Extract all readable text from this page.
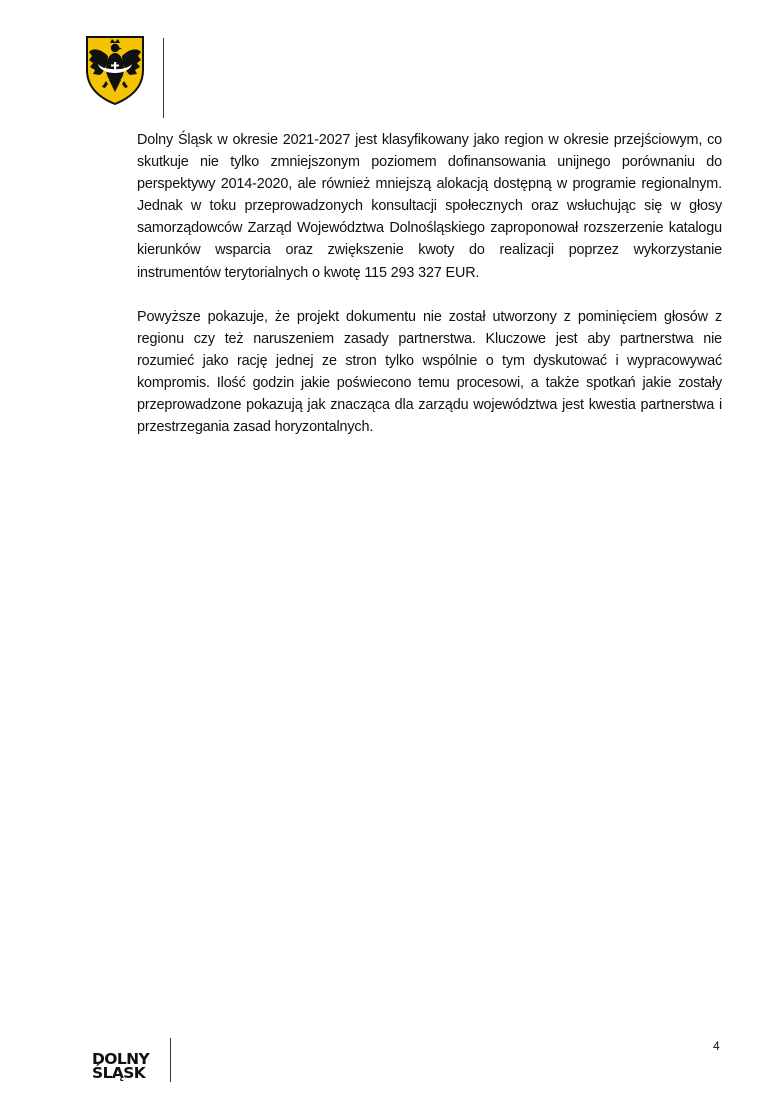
Dolny Śląsk w okresie 2021-2027 jest klasyfikowany jako region w okresie przejściowym, co skutkuje nie tylko zmniejszonym poziomem dofinansowania unijnego porównaniu do perspektywy 2014-2020, ale również mniejszą alokacją dostępną w programie regionalnym. Jednak w toku przeprowadzonych konsultacji społecznych oraz wsłuchując się w głosy samorządowców Zarząd Województwa Dolnośląskiego zaproponował rozszerzenie katalogu kierunków wsparcia oraz zwiększenie kwoty do realizacji poprzez wykorzystanie instrumentów terytorialnych o kwotę 115 293 327 EUR.

Powyższe pokazuje, że projekt dokumentu nie został utworzony z pominięciem głosów z regionu czy też naruszeniem zasady partnerstwa. Kluczowe jest aby partnerstwa nie rozumieć jako rację jednej ze stron tylko wspólnie o tym dyskutować i wypracowywać kompromis. Ilość godzin jakie poświecono temu procesowi, a także spotkań jakie zostały przeprowadzone pokazują jak znacząca dla zarządu województwa jest kwestia partnerstwa i przestrzegania zasad horyzontalnych.

DOLNY
ŚLĄSK
4
